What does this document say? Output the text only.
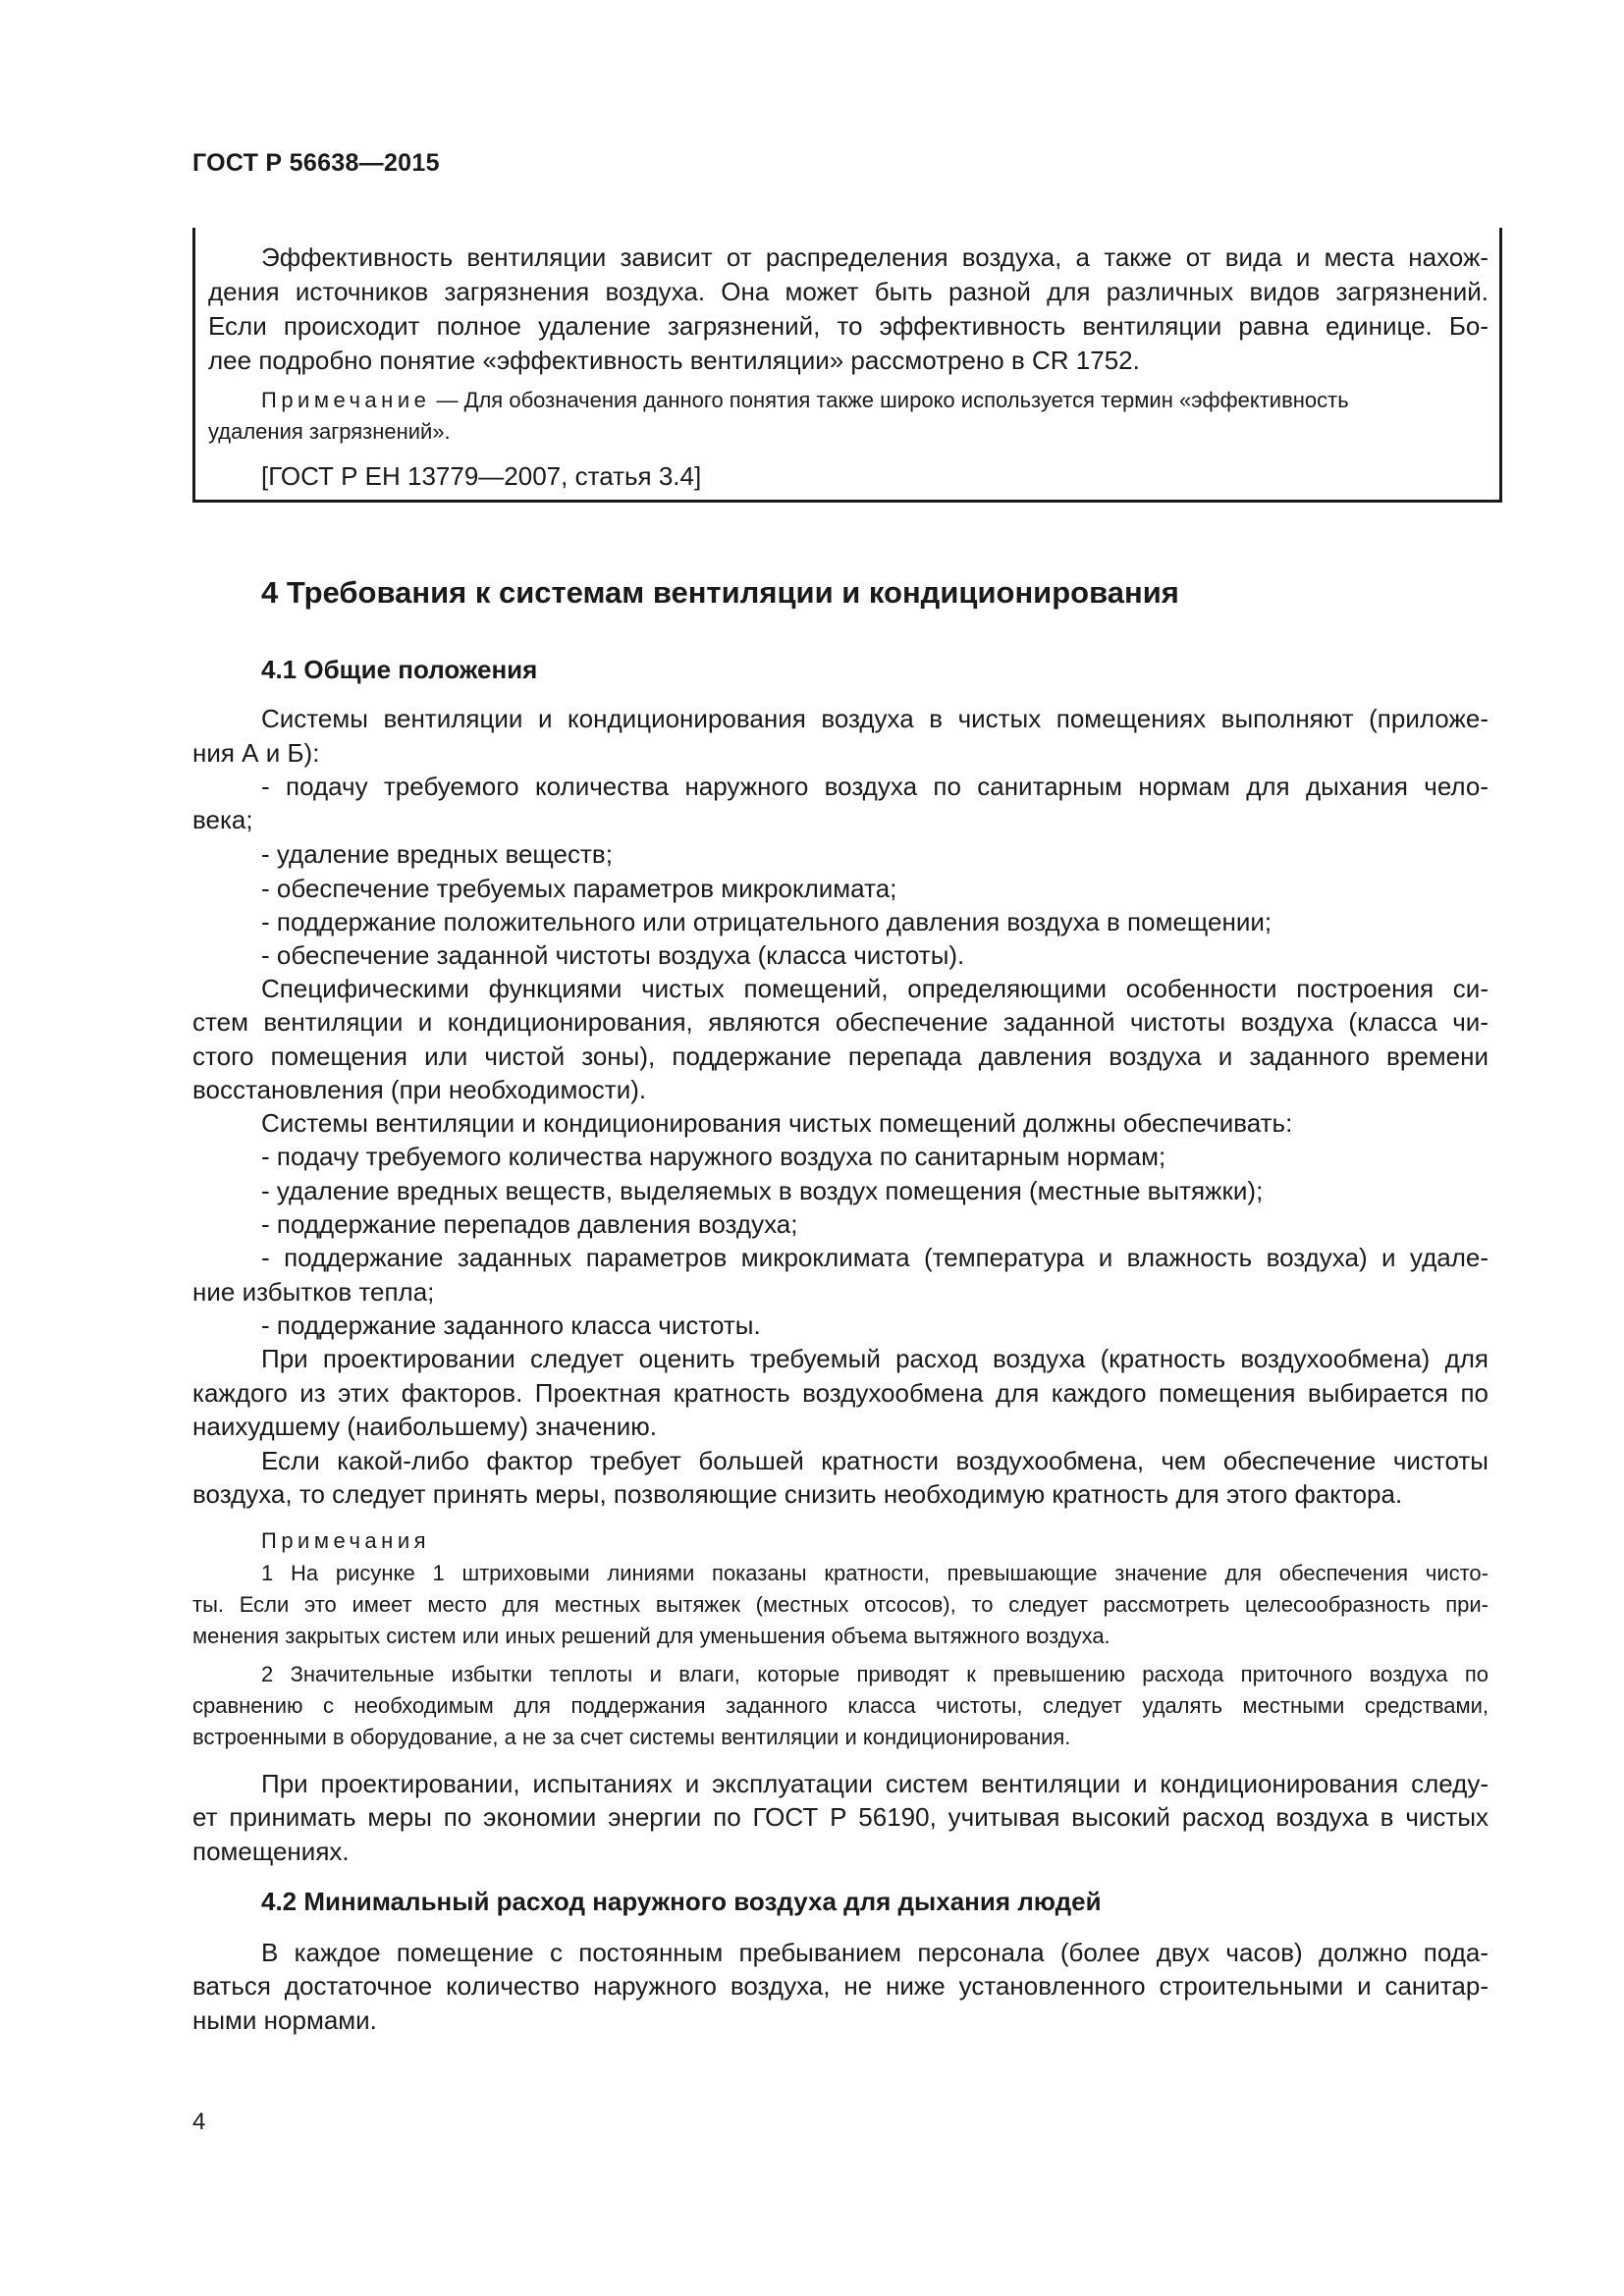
ГОСТ Р 56638—2015
Эффективность вентиляции зависит от распределения воздуха, а также от вида и места нахож-
дения источников загрязнения воздуха. Она может быть разной для различных видов загрязнений.
Если происходит полное удаление загрязнений, то эффективность вентиляции равна единице. Бо-
лее подробно понятие «эффективность вентиляции» рассмотрено в CR 1752.
Примечание — Для обозначения данного понятия также широко используется термин «эффективность
удаления загрязнений».
[ГОСТ Р ЕН 13779—2007, статья 3.4]
4 Требования к системам вентиляции и кондиционирования
4.1 Общие положения
Системы вентиляции и кондиционирования воздуха в чистых помещениях выполняют (приложе-
ния А и Б):
- подачу требуемого количества наружного воздуха по санитарным нормам для дыхания чело-
века;
- удаление вредных веществ;
- обеспечение требуемых параметров микроклимата;
- поддержание положительного или отрицательного давления воздуха в помещении;
- обеспечение заданной чистоты воздуха (класса чистоты).
Специфическими функциями чистых помещений, определяющими особенности построения си-
стем вентиляции и кондиционирования, являются обеспечение заданной чистоты воздуха (класса чи-
стого помещения или чистой зоны), поддержание перепада давления воздуха и заданного времени
восстановления (при необходимости).
Системы вентиляции и кондиционирования чистых помещений должны обеспечивать:
- подачу требуемого количества наружного воздуха по санитарным нормам;
- удаление вредных веществ, выделяемых в воздух помещения (местные вытяжки);
- поддержание перепадов давления воздуха;
- поддержание заданных параметров микроклимата (температура и влажность воздуха) и удале-
ние избытков тепла;
- поддержание заданного класса чистоты.
При проектировании следует оценить требуемый расход воздуха (кратность воздухообмена) для
каждого из этих факторов. Проектная кратность воздухообмена для каждого помещения выбирается по
наихудшему (наибольшему) значению.
Если какой-либо фактор требует большей кратности воздухообмена, чем обеспечение чистоты
воздуха, то следует принять меры, позволяющие снизить необходимую кратность для этого фактора.
Примечания
1 На рисунке 1 штриховыми линиями показаны кратности, превышающие значение для обеспечения чисто-
ты. Если это имеет место для местных вытяжек (местных отсосов), то следует рассмотреть целесообразность при-
менения закрытых систем или иных решений для уменьшения объема вытяжного воздуха.
2 Значительные избытки теплоты и влаги, которые приводят к превышению расхода приточного воздуха по
сравнению с необходимым для поддержания заданного класса чистоты, следует удалять местными средствами,
встроенными в оборудование, а не за счет системы вентиляции и кондиционирования.
При проектировании, испытаниях и эксплуатации систем вентиляции и кондиционирования следу-
ет принимать меры по экономии энергии по ГОСТ Р 56190, учитывая высокий расход воздуха в чистых
помещениях.
4.2 Минимальный расход наружного воздуха для дыхания людей
В каждое помещение с постоянным пребыванием персонала (более двух часов) должно пода-
ваться достаточное количество наружного воздуха, не ниже установленного строительными и санитар-
ными нормами.
4
